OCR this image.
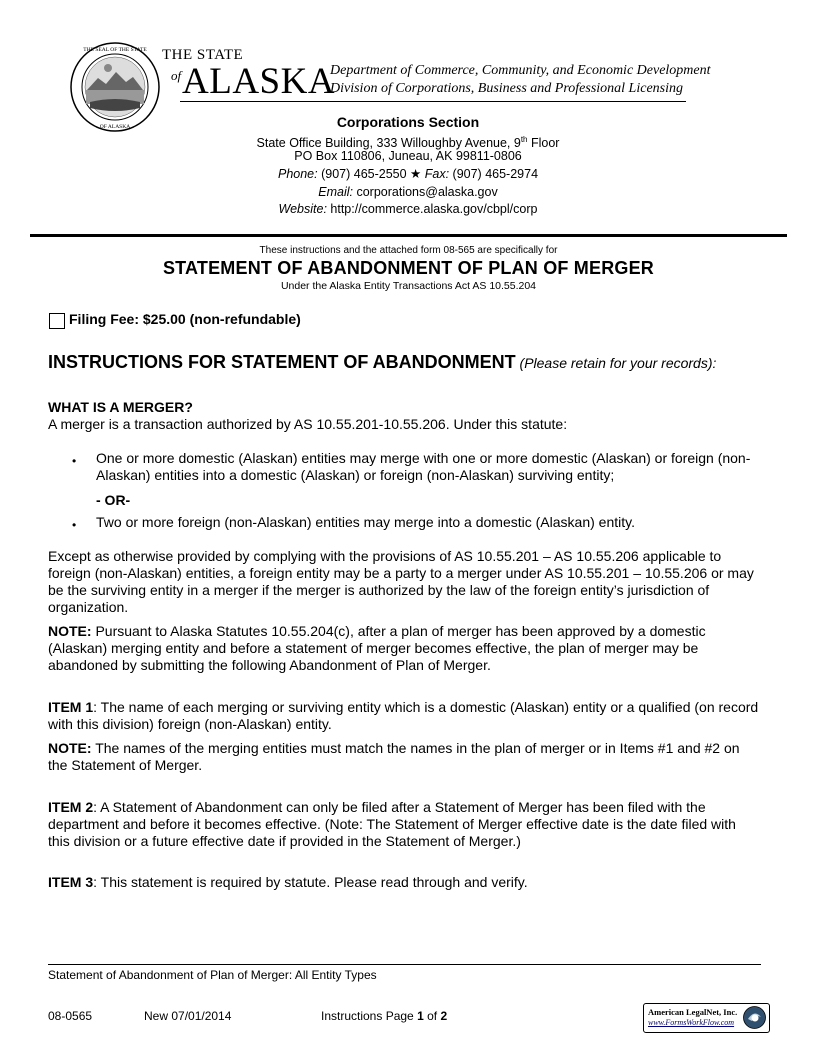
THE SEAL OF THE STATE
OF ALASKA
THE STATE
of ALASKA
Department of Commerce, Community, and Economic Development
Division of Corporations, Business and Professional Licensing
Corporations Section
State Office Building, 333 Willoughby Avenue, 9th Floor
PO Box 110806, Juneau, AK 99811-0806
Phone: (907) 465-2550 ★ Fax: (907) 465-2974
Email: corporations@alaska.gov
Website: http://commerce.alaska.gov/cbpl/corp
These instructions and the attached form 08-565 are specifically for
STATEMENT OF ABANDONMENT OF PLAN OF MERGER
Under the Alaska Entity Transactions Act AS 10.55.204
Filing Fee: $25.00 (non-refundable)
INSTRUCTIONS FOR STATEMENT OF ABANDONMENT (Please retain for your records):
WHAT IS A MERGER?
A merger is a transaction authorized by AS 10.55.201-10.55.206. Under this statute:
• One or more domestic (Alaskan) entities may merge with one or more domestic (Alaskan) or foreign (non-Alaskan) entities into a domestic (Alaskan) or foreign (non-Alaskan) surviving entity;
- OR-
• Two or more foreign (non-Alaskan) entities may merge into a domestic (Alaskan) entity.
Except as otherwise provided by complying with the provisions of AS 10.55.201 – AS 10.55.206 applicable to foreign (non-Alaskan) entities, a foreign entity may be a party to a merger under AS 10.55.201 – 10.55.206 or may be the surviving entity in a merger if the merger is authorized by the law of the foreign entity’s jurisdiction of organization.
NOTE: Pursuant to Alaska Statutes 10.55.204(c), after a plan of merger has been approved by a domestic (Alaskan) merging entity and before a statement of merger becomes effective, the plan of merger may be abandoned by submitting the following Abandonment of Plan of Merger.
ITEM 1: The name of each merging or surviving entity which is a domestic (Alaskan) entity or a qualified (on record with this division) foreign (non-Alaskan) entity.
NOTE: The names of the merging entities must match the names in the plan of merger or in Items #1 and #2 on the Statement of Merger.
ITEM 2: A Statement of Abandonment can only be filed after a Statement of Merger has been filed with the department and before it becomes effective. (Note: The Statement of Merger effective date is the date filed with this division or a future effective date if provided in the Statement of Merger.)
ITEM 3: This statement is required by statute. Please read through and verify.
Statement of Abandonment of Plan of Merger: All Entity Types
08-0565	New 07/01/2014	Instructions Page 1 of 2	American LegalNet, Inc.
www.FormsWorkFlow.com
